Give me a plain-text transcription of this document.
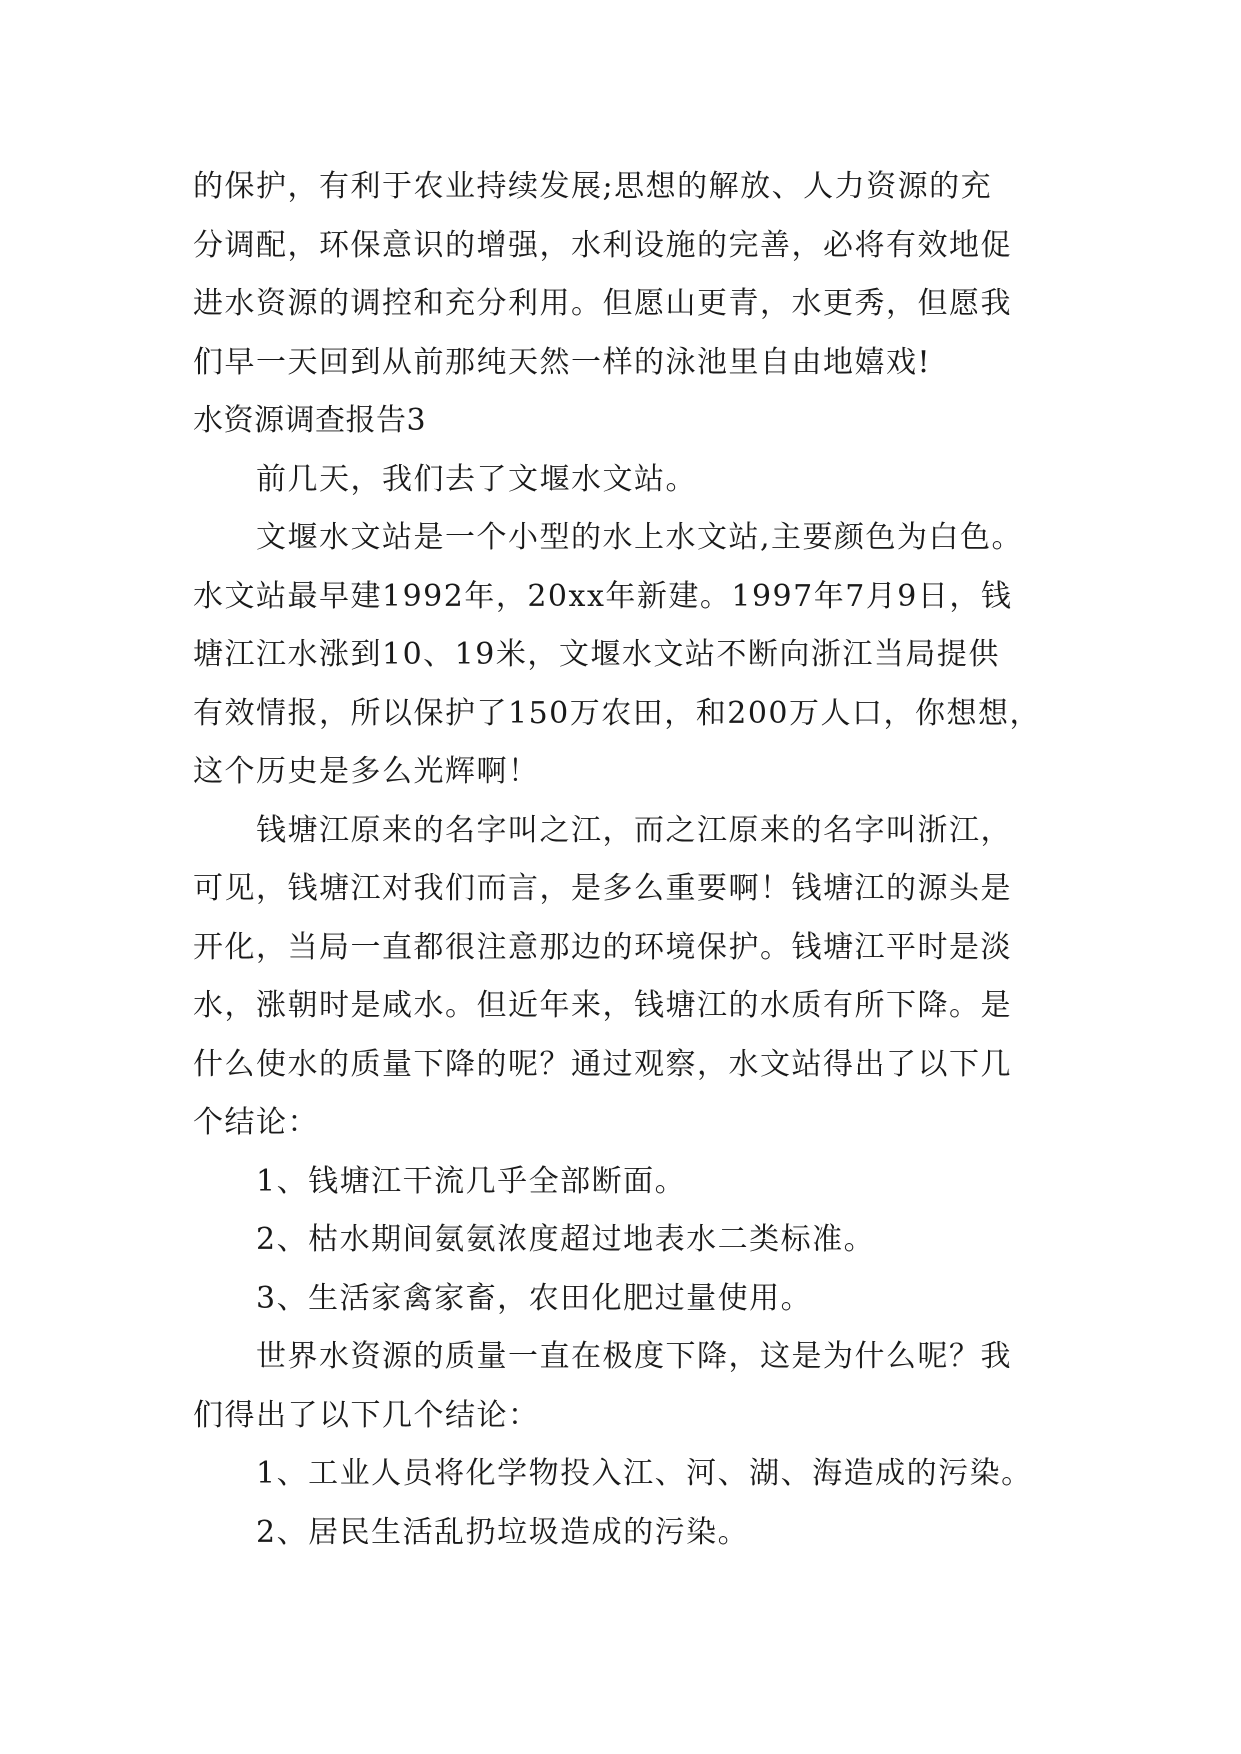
的保护，有利于农业持续发展;思想的解放、人力资源的充
分调配，环保意识的增强，水利设施的完善，必将有效地促
进水资源的调控和充分利用。但愿山更青，水更秀，但愿我
们早一天回到从前那纯天然一样的泳池里自由地嬉戏!
水资源调查报告3
前几天，我们去了文堰水文站。
文堰水文站是一个小型的水上水文站,主要颜色为白色。
水文站最早建1992年，20xx年新建。1997年7月9日，钱
塘江江水涨到10、19米，文堰水文站不断向浙江当局提供
有效情报，所以保护了150万农田，和200万人口，你想想，
这个历史是多么光辉啊！
钱塘江原来的名字叫之江，而之江原来的名字叫浙江，
可见，钱塘江对我们而言，是多么重要啊！钱塘江的源头是
开化，当局一直都很注意那边的环境保护。钱塘江平时是淡
水，涨朝时是咸水。但近年来，钱塘江的水质有所下降。是
什么使水的质量下降的呢？通过观察，水文站得出了以下几
个结论：
1、钱塘江干流几乎全部断面。
2、枯水期间氨氨浓度超过地表水二类标准。
3、生活家禽家畜，农田化肥过量使用。
世界水资源的质量一直在极度下降，这是为什么呢？我
们得出了以下几个结论：
1、工业人员将化学物投入江、河、湖、海造成的污染。
2、居民生活乱扔垃圾造成的污染。
